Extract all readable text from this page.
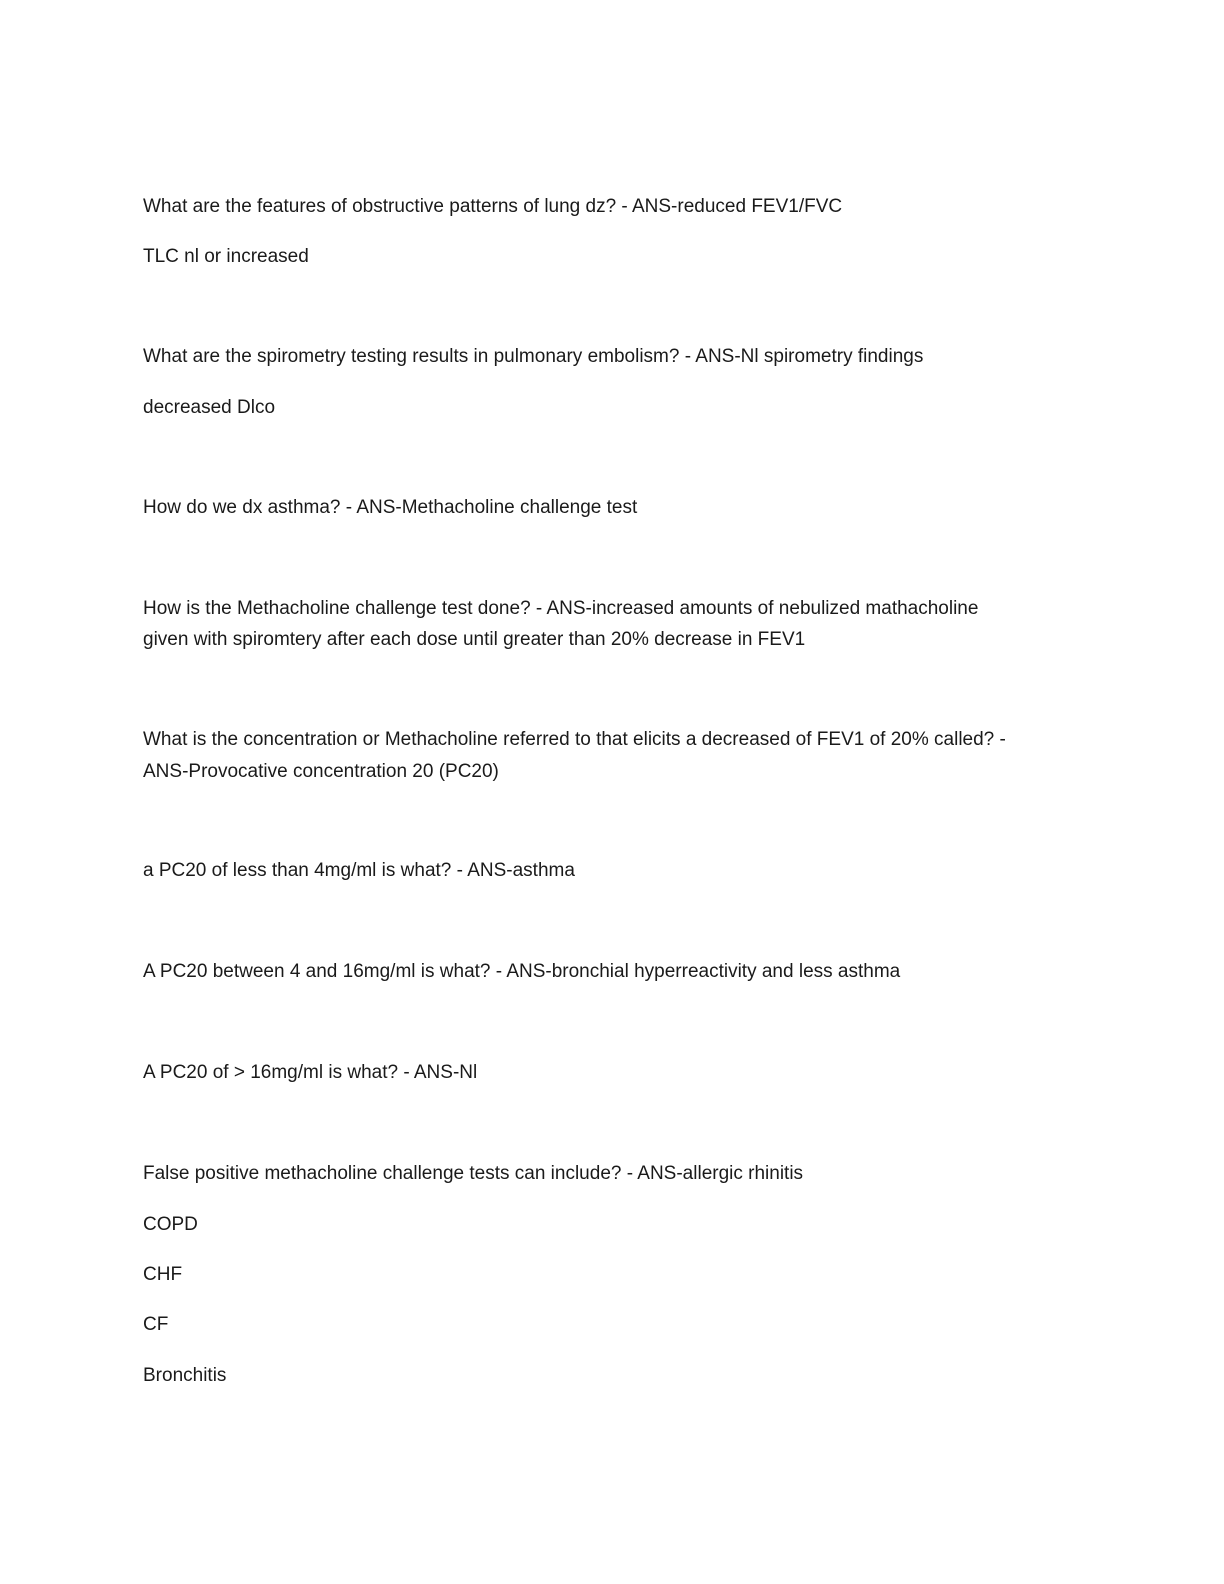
What are the features of obstructive patterns of lung dz? - ANS-reduced FEV1/FVC
TLC nl or increased
What are the spirometry testing results in pulmonary embolism? - ANS-Nl spirometry findings
decreased Dlco
How do we dx asthma? - ANS-Methacholine challenge test
How is the Methacholine challenge test done? - ANS-increased amounts of nebulized mathacholine
given with spiromtery after each dose until greater than 20% decrease in FEV1
What is the concentration or Methacholine referred to that elicits a decreased of FEV1 of 20% called? -
ANS-Provocative concentration 20 (PC20)
a PC20 of less than 4mg/ml is what? - ANS-asthma
A PC20 between 4 and 16mg/ml is what? - ANS-bronchial hyperreactivity and less asthma
A PC20 of > 16mg/ml is what? - ANS-Nl
False positive methacholine challenge tests can include? - ANS-allergic rhinitis
COPD
CHF
CF
Bronchitis
